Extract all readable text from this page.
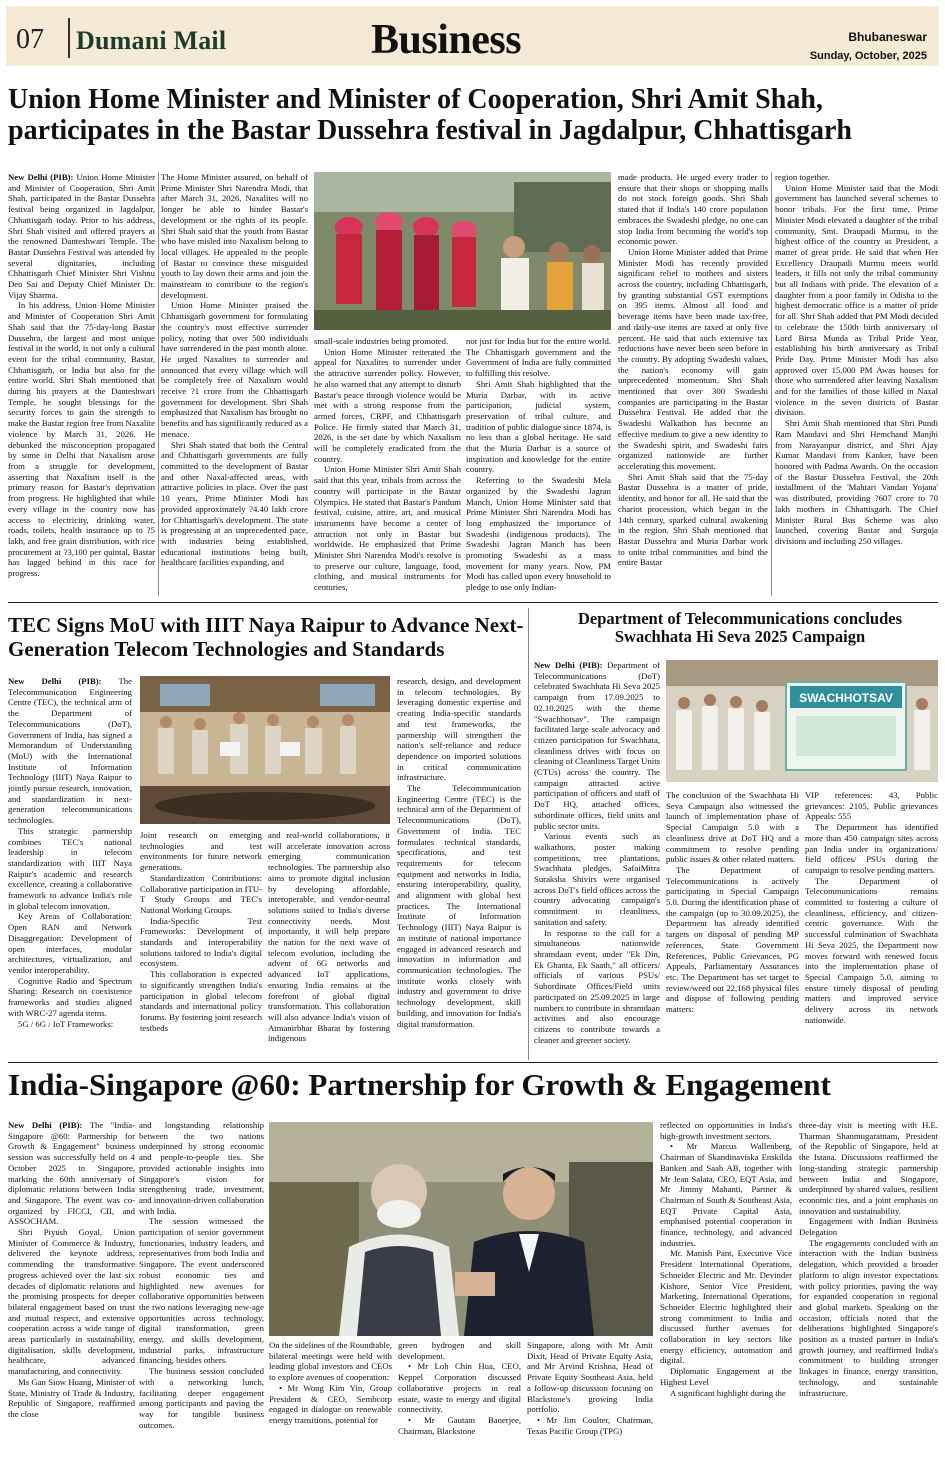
07 Dumani Mail	Business	Bhubaneswar
Sunday, October, 2025
Union Home Minister and Minister of Cooperation, Shri Amit Shah, participates in the Bastar Dussehra festival in Jagdalpur, Chhattisgarh

New Delhi (PIB): Union Home Minister and Minister of Cooperation, Shri Amit Shah, participated in the Bastar Dussehra festival being organized in Jagdalpur, Chhattisgarh today. Prior to his address, Shri Shah visited and offered prayers at the renowned Danteshwari Temple. The Bastar Dussehra Festival was attended by several dignitaries, including Chhattisgarh Chief Minister Shri Vishnu Deo Sai and Deputy Chief Minister Dr. Vijay Sharma.

In his address, Union Home Minister and Minister of Cooperation Shri Amit Shah said that the 75-day-long Bastar Dussehra, the largest and most unique festival in the world, is not only a cultural event for the tribal community, Bastar, Chhattisgarh, or India but also for the entire world. Shri Shah mentioned that during his prayers at the Danteshwari Temple, he sought blessings for the security forces to gain the strength to make the Bastar region free from Naxalite violence by March 31, 2026. He debunked the misconception propagated by some in Delhi that Naxalism arose from a struggle for development, asserting that Naxalism itself is the primary reason for Bastar's deprivation from progress. He highlighted that while every village in the country now has access to electricity, drinking water, roads, toilets, health insurance up to ?5 lakh, and free grain distribution, with rice procurement at ?3,100 per quintal, Bastar has lagged behind in this race for progress.

The Home Minister assured, on behalf of Prime Minister Shri Narendra Modi, that after March 31, 2026, Naxalites will no longer be able to hinder Bastar's development or the rights of its people. Shri Shah said that the youth from Bastar who have misled into Naxalism belong to local villages. He appealed to the people of Bastar to convince these misguided youth to lay down their arms and join the mainstream to contribute to the region's development.

Union Home Minister praised the Chhattisgarh government for formulating the country's most effective surrender policy, noting that over 500 individuals have surrendered in the past month alone. He urged Naxalites to surrender and announced that every village which will be completely free of Naxalism would receive ?1 crore from the Chhattisgarh government for development. Shri Shah emphasized that Naxalism has brought no benefits and has significantly reduced as a menace.

Shri Shah stated that both the Central and Chhattisgarh governments are fully committed to the development of Bastar and other Naxal-affected areas, with attractive policies in place. Over the past 10 years, Prime Minister Modi has provided approximately ?4.40 lakh crore for Chhattisgarh's development. The state is progressing at an unprecedented pace, with industries being established, educational institutions being built, healthcare facilities expanding, and

small-scale industries being promoted.

Union Home Minister reiterated the appeal for Naxalites to surrender under the attractive surrender policy. However, he also warned that any attempt to disturb Bastar's peace through violence would be met with a strong response from the armed forces, CRPF, and Chhattisgarh Police. He firmly stated that March 31, 2026, is the set date by which Naxalism will be completely eradicated from the country.

Union Home Minister Shri Amit Shah said that this year, tribals from across the country will participate in the Bastar Olympics. He stated that Bastar's Pandum festival, cuisine, attire, art, and musical instruments have become a center of attraction not only in Bastar but worldwide. He emphasized that Prime Minister Shri Narendra Modi's resolve is to preserve our culture, language, food, clothing, and musical instruments for centuries,

not just for India but for the entire world. The Chhattisgarh government and the Government of India are fully committed to fulfilling this resolve.

Shri Amit Shah highlighted that the Muria Darbar, with its active participation, judicial system, preservation of tribal culture, and tradition of public dialogue since 1874, is no less than a global heritage. He said that the Muria Darbar is a source of inspiration and knowledge for the entire country.

Referring to the Swadeshi Mela organized by the Swadeshi Jagran Manch, Union Home Minister said that Prime Minister Shri Narendra Modi has long emphasized the importance of Swadeshi (indigenous products). The Swadeshi Jagran Manch has been promoting Swadeshi as a mass movement for many years. Now, PM Modi has called upon every household to pledge to use only Indian-

made products. He urged every trader to ensure that their shops or shopping malls do not stock foreign goods. Shri Shah stated that if India's 140 crore population embraces the Swadeshi pledge, no one can stop India from becoming the world's top economic power.

Union Home Minister added that Prime Minister Modi has recently provided significant relief to mothers and sisters across the country, including Chhattisgarh, by granting substantial GST exemptions on 395 items. Almost all food and beverage items have been made tax-free, and daily-use items are taxed at only five percent. He said that such extensive tax reductions have never been seen before in the country. By adopting Swadeshi values, the nation's economy will gain unprecedented momentum. Shri Shah mentioned that over 300 Swadeshi companies are participating in the Bastar Dussehra Festival. He added that the Swadeshi Walkathon has become an effective medium to give a new identity to the Swadeshi spirit, and Swadeshi fairs organized nationwide are further accelerating this movement.

Shri Amit Shah said that the 75-day Bastar Dussehra is a matter of pride, identity, and honor for all. He said that the chariot procession, which began in the 14th century, sparked cultural awakening in the region. Shri Shah mentioned that Bastar Dussehra and Muria Darbar work to unite tribal communities and bind the entire Bastar

region together.

Union Home Minister said that the Modi government has launched several schemes to honor tribals. For the first time, Prime Minister Modi elevated a daughter of the tribal community, Smt. Draupadi Murmu, to the highest office of the country as President, a matter of great pride. He said that when Her Excellency Draupadi Murmu meets world leaders, it fills not only the tribal community but all Indians with pride. The elevation of a daughter from a poor family in Odisha to the highest democratic office is a matter of pride for all. Shri Shah added that PM Modi decided to celebrate the 150th birth anniversary of Lord Birsa Munda as Tribal Pride Year, establishing his birth anniversary as Tribal Pride Day. Prime Minister Modi has also approved over 15,000 PM Awas houses for those who surrendered after leaving Naxalism and for the families of those killed in Naxal violence in the seven districts of Bastar division.

Shri Amit Shah mentioned that Shri Pundi Ram Mandavi and Shri Hemchand Manjhi from Narayanpur district, and Shri Ajay Kumar Mandavi from Kanker, have been honored with Padma Awards. On the occasion of the Bastar Dussehra Festival, the 20th installment of the 'Mahtari Vandan Yojana' was distributed, providing ?607 crore to 70 lakh mothers in Chhattisgarh. The Chief Minister Rural Bus Scheme was also launched, covering Bastar and Surguja divisions and including 250 villages.

TEC Signs MoU with IIIT Naya Raipur to Advance Next-Generation Telecom Technologies and Standards

New Delhi (PIB): The Telecommunication Engineering Centre (TEC), the technical arm of the Department of Telecommunications (DoT), Government of India, has signed a Memorandum of Understanding (MoU) with the International Institute of Information Technology (IIIT) Naya Raipur to jointly pursue research, innovation, and standardization in next-generation telecommunications technologies.

This strategic partnership combines TEC's national leadership in telecom standardization with IIIT Naya Raipur's academic and research excellence, creating a collaborative framework to advance India's role in global telecom innovation.

Key Areas of Collaboration: Open RAN and Network Disaggregation: Development of open interfaces, modular architectures, virtualization, and vendor interoperability.

Cognitive Radio and Spectrum Sharing: Research on coexistence frameworks and studies aligned with WRC-27 agenda items.

5G / 6G / IoT Frameworks:

Joint research on emerging technologies and test environments for future network generations.

Standardization Contributions: Collaborative participation in ITU-T Study Groups and TEC's National Working Groups.

India-Specific Test Frameworks: Development of standards and interoperability solutions tailored to India's digital ecosystem.

This collaboration is expected to significantly strengthen India's participation in global telecom standards and international policy forums. By fostering joint research testbeds

and real-world collaborations, it will accelerate innovation across emerging communication technologies. The partnership also aims to promote digital inclusion by developing affordable, interoperable, and vendor-neutral solutions suited to India's diverse connectivity needs. Most importantly, it will help prepare the nation for the next wave of telecom evolution, including the advent of 6G networks and advanced IoT applications, ensuring India remains at the forefront of global digital transformation. This collaboration will also advance India's vision of Atmanirbhar Bharat by fostering indigenous

research, design, and development in telecom technologies. By leveraging domestic expertise and creating India-specific standards and test frameworks, the partnership will strengthen the nation's self-reliance and reduce dependence on imported solutions in critical communication infrastructure.

The Telecommunication Engineering Centre (TEC) is the technical arm of the Department of Telecommunications (DoT), Government of India. TEC formulates technical standards, specifications, and test requirements for telecom equipment and networks in India, ensuring interoperability, quality, and alignment with global best practices. The International Institute of Information Technology (IIIT) Naya Raipur is an institute of national importance engaged in advanced research and innovation in information and communication technologies. The institute works closely with industry and government to drive technology development, skill building, and innovation for India's digital transformation.

Department of Telecommunications concludes Swachhata Hi Seva 2025 Campaign

New Delhi (PIB): Department of Telecommunications (DoT) celebrated Swachhata Hi Seva 2025 campaign from 17.09.2025 to 02.10.2025 with the theme "Swachhotsav". The campaign facilitated large scale advocacy and citizen participation for Swachhata, cleanliness drives with focus on cleaning of Cleanliness Target Units (CTUs) across the country. The campaign attracted active participation of officers and staff of DoT HQ, attached offices, subordinate offices, field units and public sector units.

Various events such as walkathons, poster making competitions, tree plantations, Swachhata pledges, SafaiMitra Suraksha Shivirs were organised across DoT's field offices across the country advocating campaign's commitment to cleanliness, sanitation and safety.

In response to the call for a simultaneous nationwide shramdaan event, under "Ek Din, Ek Ghanta, Ek Saath," all officers/ officials of various PSUs/ Subordinate Offices/Field units participated on 25.09.2025 in large numbers to contribute in shramdaan activities and also encourage citizens to contribute towards a cleaner and greener society.

SWACHHOTSAV

The conclusion of the Swachhata Hi Seva Campaign also witnessed the launch of implementation phase of Special Campaign 5.0 with a cleanliness drive at DoT HQ and a commitment to resolve pending public issues & other related matters.

The Department of Telecommunications is actively participating in Special Campaign 5.0. During the identification phase of the campaign (up to 30.09.2025), the Department has already identified targets on disposal of pending MP references, State Government References, Public Grievances, PG Appeals, Parliamentary Assurances etc. The Department has set target to review/weed out 22,168 physical files and dispose of following pending matters:

VIP references: 43, Public grievances: 2105, Public grievances Appeals: 555

The Department has identified more than 450 campaign sites across pan India under its organizations/ field offices/ PSUs during the campaign to resolve pending matters.

The Department of Telecommunications remains committed to fostering a culture of cleanliness, efficiency, and citizen-centric governance. With the successful culmination of Swachhata Hi Seva 2025, the Department now moves forward with renewed focus into the implementation phase of Special Campaign 5.0, aiming to ensure timely disposal of pending matters and improved service delivery across its network nationwide.

India-Singapore @60: Partnership for Growth & Engagement

New Delhi (PIB): The "India-Singapore @60: Partnership for Growth & Engagement" business session was successfully held on 4 October 2025 in Singapore, marking the 60th anniversary of diplomatic relations between India and Singapore. The event was co-organized by FICCI, CII, and ASSOCHAM.

Shri Piyush Goyal, Union Minister of Commerce & Industry, delivered the keynote address, commending the transformative progress achieved over the last six decades of diplomatic relations and the promising prospects for deeper bilateral engagement based on trust and mutual respect, and extensive cooperation across a wide range of areas particularly in sustainability, digitalisation, skills development, healthcare, advanced manufacturing, and connectivity.

Ms Gan Siow Huang, Minister of State, Ministry of Trade & Industry, Republic of Singapore, reaffirmed the close

and longstanding relationship between the two nations underpinned by strong economic and people-to-people ties. She provided actionable insights into Singapore's vision for strengthening trade, investment, and innovation-driven collaboration with India.

The session witnessed the participation of senior government functionaries, industry leaders, and representatives from both India and Singapore. The event underscored robust economic ties and highlighted new avenues for collaborative opportunities between the two nations leveraging new-age opportunities across technology, digital transformation, green energy, and skills development, industrial parks, infrastructure financing, besides others.

The business session concluded with a networking lunch, facilitating deeper engagement among participants and paving the way for tangible business outcomes.

On the sidelines of the Roundtable, bilateral meetings were held with leading global investors and CEOs to explore avenues of cooperation:

• Mr Wong Kim Yin, Group President & CEO, Sembcorp engaged in dialogue on renewable energy transitions, potential for

green hydrogen and skill development.

• Mr Loh Chin Hua, CEO, Keppel Corporation discussed collaborative projects in real estate, waste to energy and digital connectivity.

• Mr Gautam Banerjee, Chairman, Blackstone

Singapore, along with Mr Amit Dixit, Head of Private Equity Asia, and Mr Arvind Krishna, Head of Private Equity Southeast Asia, held a follow-up discussion focusing on Blackstone's growing India portfolio.

• Mr Jim Coulter, Chairman, Texas Pacific Group (TPG)

reflected on opportunities in India's high-growth investment sectors.

• Mr Marcus Wallenberg, Chairman of Skandinaviska Enskilda Banken and Saab AB, together with Mr Jean Salata, CEO, EQT Asia, and Mr Jimmy Mahanti, Partner & Chairman of South & Southeast Asia, EQT Private Capital Asia, emphasised potential cooperation in finance, technology, and advanced industries.

Mr. Manish Pant, Executive Vice President International Operations, Schneider Electric and Mr. Devinder Kishore, Senior Vice President, Marketing, International Operations, Schneider Electric highlighted their strong commitment to India and discussed further avenues for collaboration in key sectors like energy efficiency, automation and digital.

Diplomatic Engagement at the Highest Level

A significant highlight during the

three-day visit is meeting with H.E. Tharman Shanmugaratnam, President of the Republic of Singapore, held at the Istana. Discussions reaffirmed the long-standing strategic partnership between India and Singapore, underpinned by shared values, resilient economic ties, and a joint emphasis on innovation and sustainability.

Engagement with Indian Business Delegation

The engagements concluded with an interaction with the Indian business delegation, which provided a broader platform to align investor expectations with policy priorities, paving the way for expanded cooperation in regional and global markets. Speaking on the occasion, officials noted that the deliberations highlighted Singapore's position as a trusted partner in India's growth journey, and reaffirmed India's commitment to building stronger linkages in finance, energy transition, technology, and sustainable infrastructure.
